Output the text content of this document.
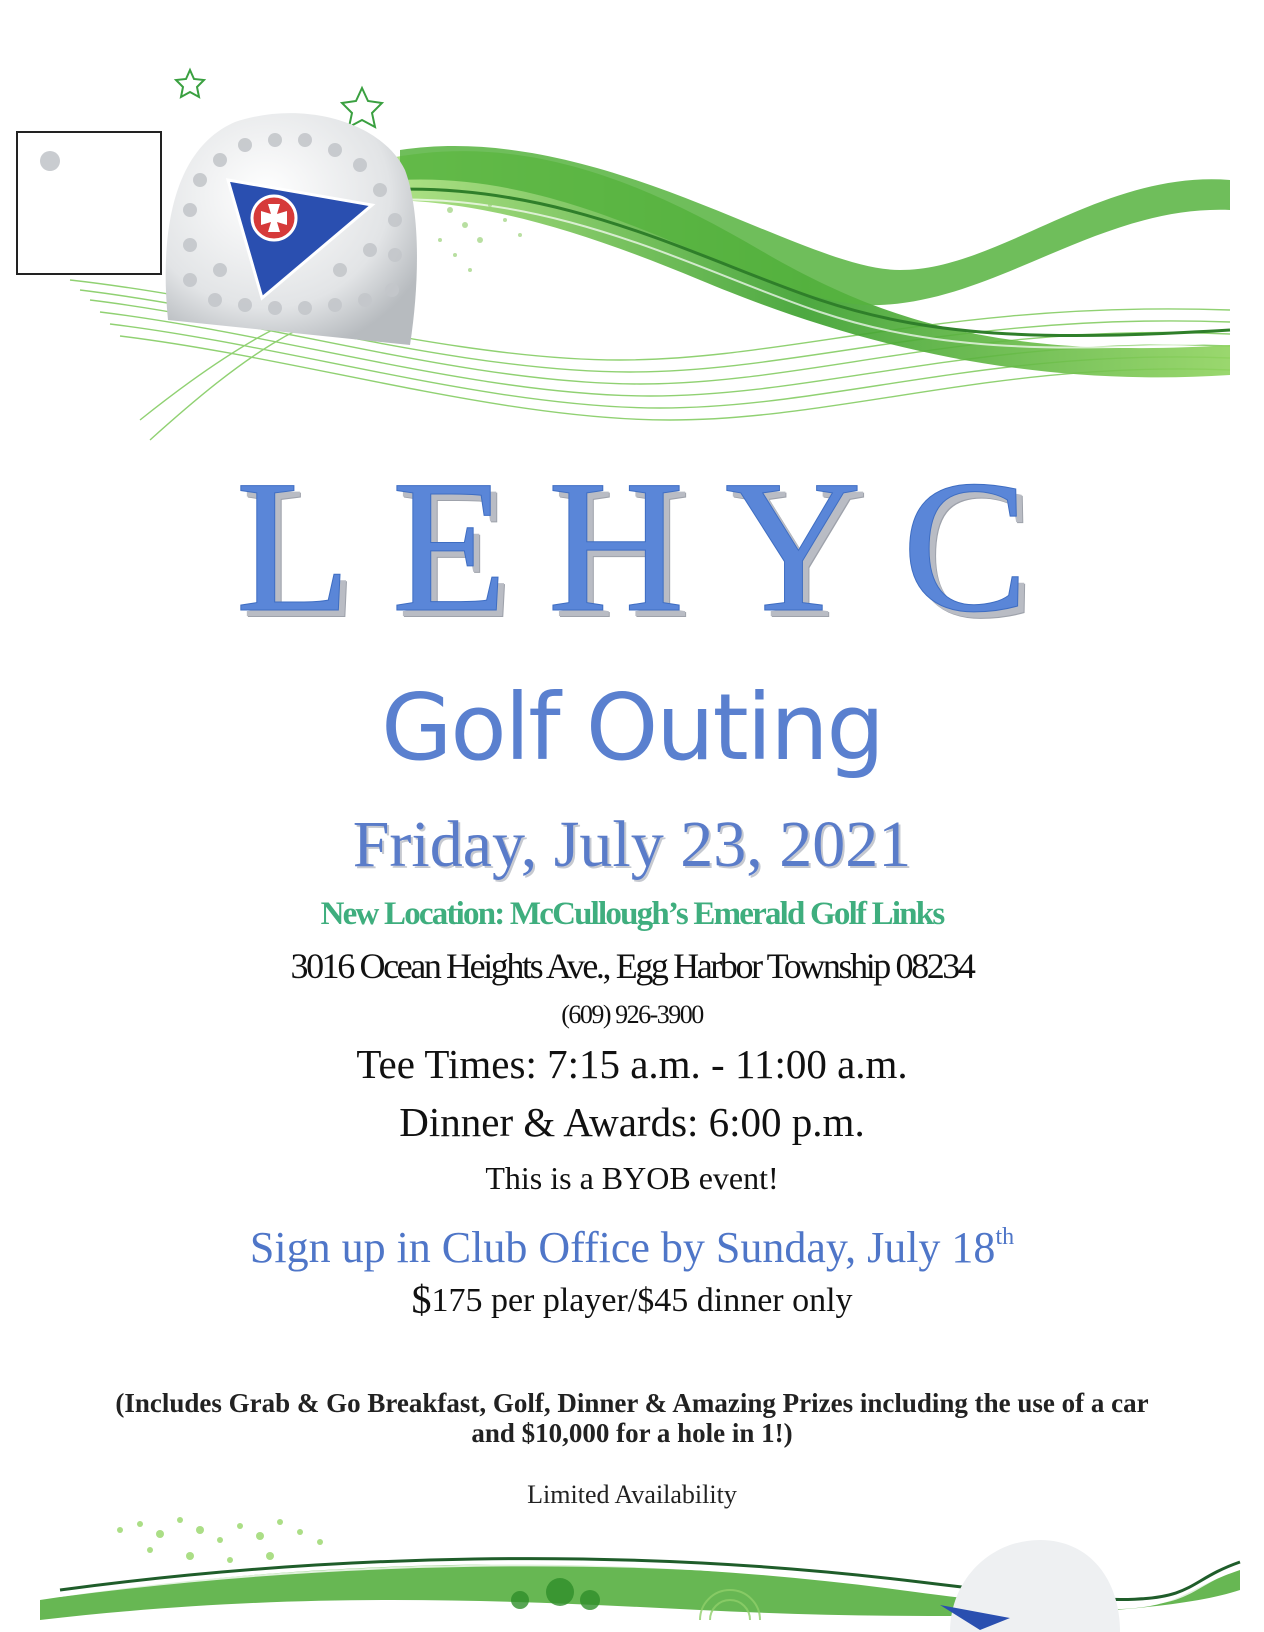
LEHYC
Golf Outing
Friday, July 23, 2021
New Location: McCullough’s Emerald Golf Links
3016 Ocean Heights Ave., Egg Harbor Township 08234
(609) 926-3900
Tee Times: 7:15 a.m. - 11:00 a.m.
Dinner & Awards: 6:00 p.m.
This is a BYOB event!
Sign up in Club Office by Sunday, July 18th
$175 per player/$45 dinner only
(Includes Grab & Go Breakfast, Golf, Dinner & Amazing Prizes including the use of a car
and $10,000 for a hole in 1!)
Limited Availability
